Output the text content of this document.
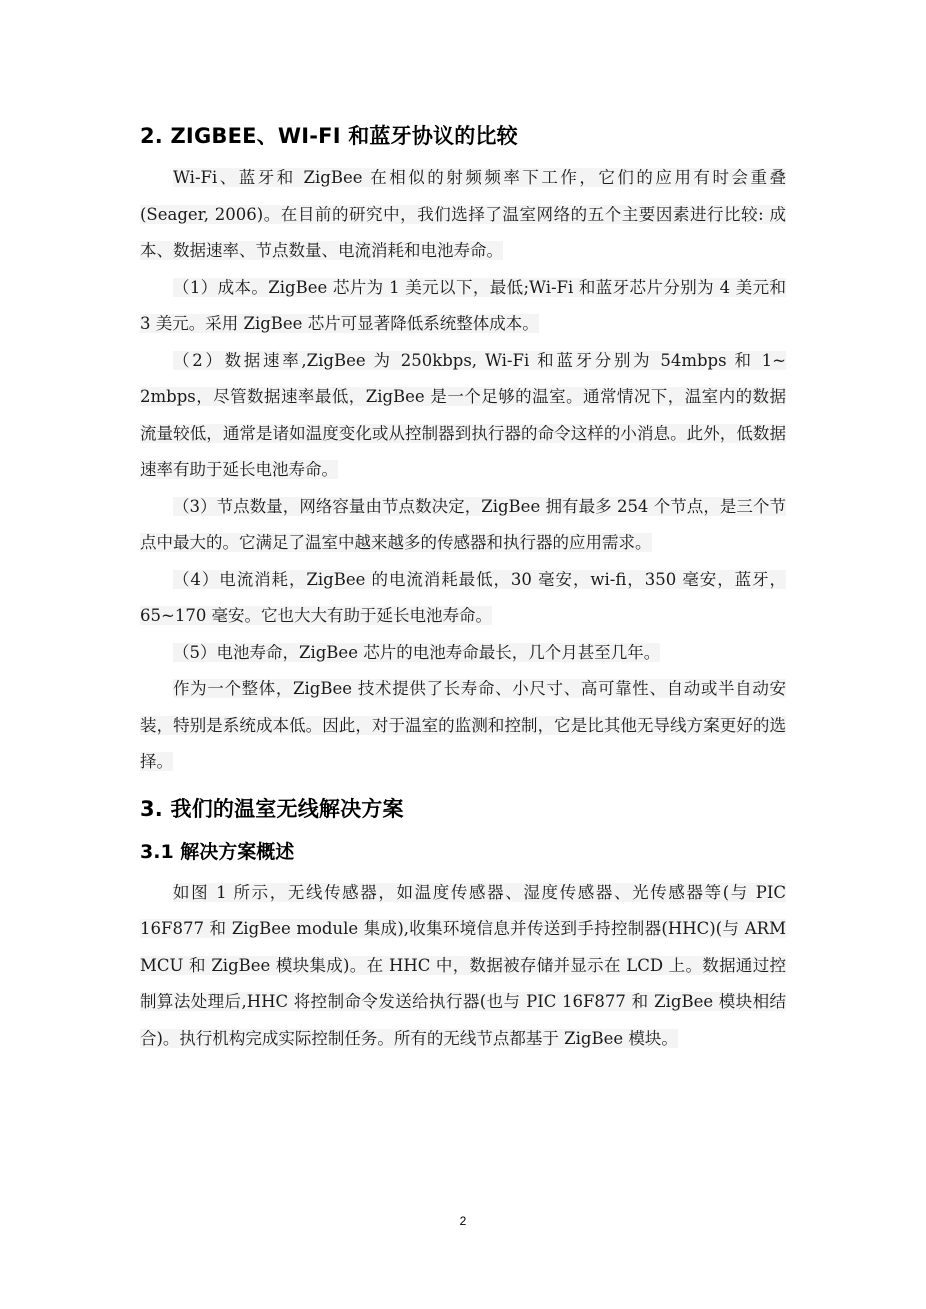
2. ZIGBEE、WI-FI 和蓝牙协议的比较

Wi-Fi、蓝牙和 ZigBee 在相似的射频频率下工作，它们的应用有时会重叠 (Seager, 2006)。在目前的研究中，我们选择了温室网络的五个主要因素进行比较: 成本、数据速率、节点数量、电流消耗和电池寿命。

（1）成本。ZigBee 芯片为 1 美元以下，最低;Wi-Fi 和蓝牙芯片分别为 4 美元和 3 美元。采用 ZigBee 芯片可显著降低系统整体成本。

（2）数据速率,ZigBee 为 250kbps, Wi-Fi 和蓝牙分别为 54mbps 和 1~ 2mbps，尽管数据速率最低，ZigBee 是一个足够的温室。通常情况下，温室内的数据流量较低，通常是诸如温度变化或从控制器到执行器的命令这样的小消息。此外，低数据速率有助于延长电池寿命。

（3）节点数量，网络容量由节点数决定，ZigBee 拥有最多 254 个节点，是三个节点中最大的。它满足了温室中越来越多的传感器和执行器的应用需求。

（4）电流消耗，ZigBee 的电流消耗最低，30 毫安，wi-fi，350 毫安，蓝牙，65~170 毫安。它也大大有助于延长电池寿命。

（5）电池寿命，ZigBee 芯片的电池寿命最长，几个月甚至几年。

作为一个整体，ZigBee 技术提供了长寿命、小尺寸、高可靠性、自动或半自动安装，特别是系统成本低。因此，对于温室的监测和控制，它是比其他无导线方案更好的选择。

3. 我们的温室无线解决方案
3.1 解决方案概述

如图 1 所示，无线传感器，如温度传感器、湿度传感器、光传感器等(与 PIC 16F877 和 ZigBee module 集成),收集环境信息并传送到手持控制器(HHC)(与 ARM MCU 和 ZigBee 模块集成)。在 HHC 中，数据被存储并显示在 LCD 上。数据通过控制算法处理后,HHC 将控制命令发送给执行器(也与 PIC 16F877 和 ZigBee 模块相结合)。执行机构完成实际控制任务。所有的无线节点都基于 ZigBee 模块。

2
